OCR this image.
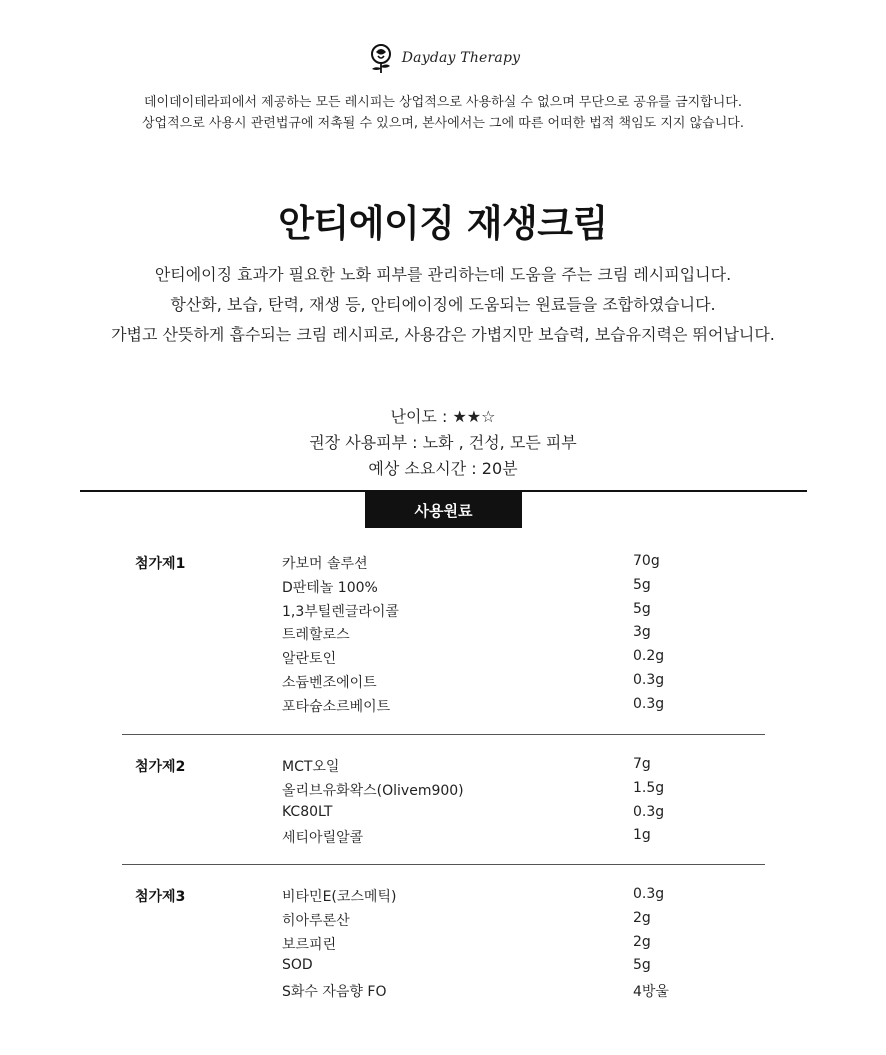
Dayday Therapy
데이데이테라피에서 제공하는 모든 레시피는 상업적으로 사용하실 수 없으며 무단으로 공유를 금지합니다.
상업적으로 사용시 관련법규에 저촉될 수 있으며, 본사에서는 그에 따른 어떠한 법적 책임도 지지 않습니다.
안티에이징 재생크림
안티에이징 효과가 필요한 노화 피부를 관리하는데 도움을 주는 크림 레시피입니다.
항산화, 보습, 탄력, 재생 등, 안티에이징에 도움되는 원료들을 조합하였습니다.
가볍고 산뜻하게 흡수되는 크림 레시피로, 사용감은 가볍지만 보습력, 보습유지력은 뛰어납니다.
난이도 : ★★☆
권장 사용피부 : 노화 , 건성, 모든 피부
예상 소요시간 : 20분
사용원료
첨가제1	카보머 솔루션	70g
D판테놀 100%	5g
1,3부틸렌글라이콜	5g
트레할로스	3g
알란토인	0.2g
소듐벤조에이트	0.3g
포타슘소르베이트	0.3g
첨가제2	MCT오일	7g
올리브유화왁스(Olivem900)	1.5g
KC80LT	0.3g
세티아릴알콜	1g
첨가제3	비타민E(코스메틱)	0.3g
히아루론산	2g
보르피린	2g
SOD	5g
S화수 자음향 FO	4방울
